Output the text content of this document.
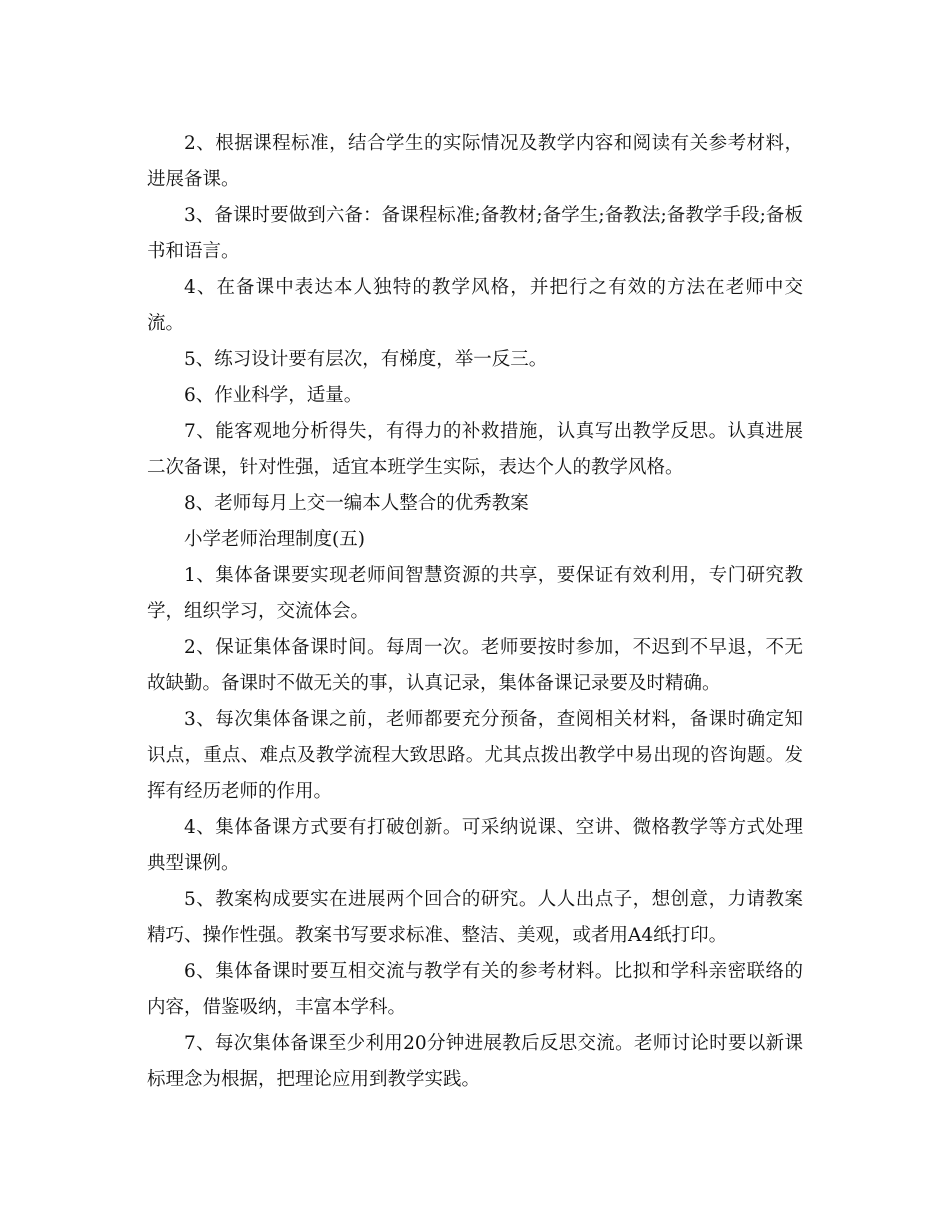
2、根据课程标准，结合学生的实际情况及教学内容和阅读有关参考材料，进展备课。

3、备课时要做到六备：备课程标准;备教材;备学生;备教法;备教学手段;备板书和语言。

4、在备课中表达本人独特的教学风格，并把行之有效的方法在老师中交流。

5、练习设计要有层次，有梯度，举一反三。

6、作业科学，适量。

7、能客观地分析得失，有得力的补救措施，认真写出教学反思。认真进展二次备课，针对性强，适宜本班学生实际，表达个人的教学风格。

8、老师每月上交一编本人整合的优秀教案

小学老师治理制度(五)

1、集体备课要实现老师间智慧资源的共享，要保证有效利用，专门研究教学，组织学习，交流体会。

2、保证集体备课时间。每周一次。老师要按时参加，不迟到不早退，不无故缺勤。备课时不做无关的事，认真记录，集体备课记录要及时精确。

3、每次集体备课之前，老师都要充分预备，查阅相关材料，备课时确定知识点，重点、难点及教学流程大致思路。尤其点拨出教学中易出现的咨询题。发挥有经历老师的作用。

4、集体备课方式要有打破创新。可采纳说课、空讲、微格教学等方式处理典型课例。

5、教案构成要实在进展两个回合的研究。人人出点子，想创意，力请教案精巧、操作性强。教案书写要求标准、整洁、美观，或者用A4纸打印。

6、集体备课时要互相交流与教学有关的参考材料。比拟和学科亲密联络的内容，借鉴吸纳，丰富本学科。

7、每次集体备课至少利用20分钟进展教后反思交流。老师讨论时要以新课标理念为根据，把理论应用到教学实践。
